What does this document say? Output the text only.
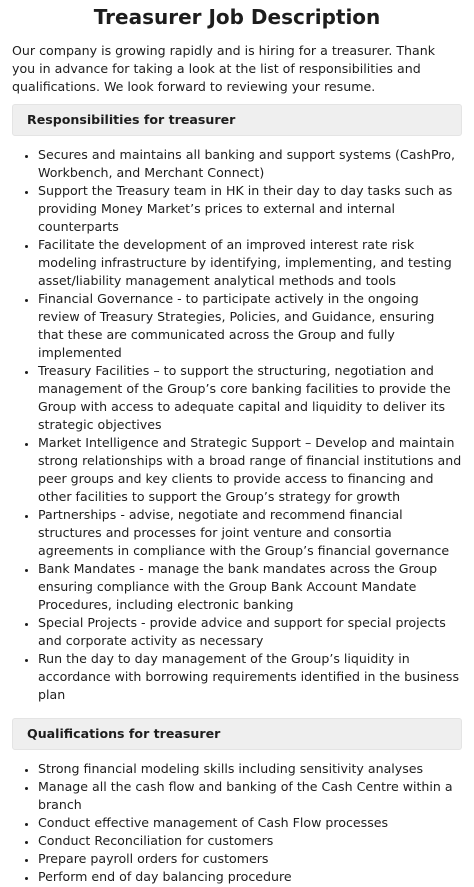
Treasurer Job Description

Our company is growing rapidly and is hiring for a treasurer. Thank you in advance for taking a look at the list of responsibilities and qualifications. We look forward to reviewing your resume.

Responsibilities for treasurer
• Secures and maintains all banking and support systems (CashPro, Workbench, and Merchant Connect)
• Support the Treasury team in HK in their day to day tasks such as providing Money Market’s prices to external and internal counterparts
• Facilitate the development of an improved interest rate risk modeling infrastructure by identifying, implementing, and testing asset/liability management analytical methods and tools
• Financial Governance - to participate actively in the ongoing review of Treasury Strategies, Policies, and Guidance, ensuring that these are communicated across the Group and fully implemented
• Treasury Facilities – to support the structuring, negotiation and management of the Group’s core banking facilities to provide the Group with access to adequate capital and liquidity to deliver its strategic objectives
• Market Intelligence and Strategic Support – Develop and maintain strong relationships with a broad range of financial institutions and peer groups and key clients to provide access to financing and other facilities to support the Group’s strategy for growth
• Partnerships - advise, negotiate and recommend financial structures and processes for joint venture and consortia agreements in compliance with the Group’s financial governance
• Bank Mandates - manage the bank mandates across the Group ensuring compliance with the Group Bank Account Mandate Procedures, including electronic banking
• Special Projects - provide advice and support for special projects and corporate activity as necessary
• Run the day to day management of the Group’s liquidity in accordance with borrowing requirements identified in the business plan
Qualifications for treasurer
• Strong financial modeling skills including sensitivity analyses
• Manage all the cash flow and banking of the Cash Centre within a branch
• Conduct effective management of Cash Flow processes
• Conduct Reconciliation for customers
• Prepare payroll orders for customers
• Perform end of day balancing procedure
